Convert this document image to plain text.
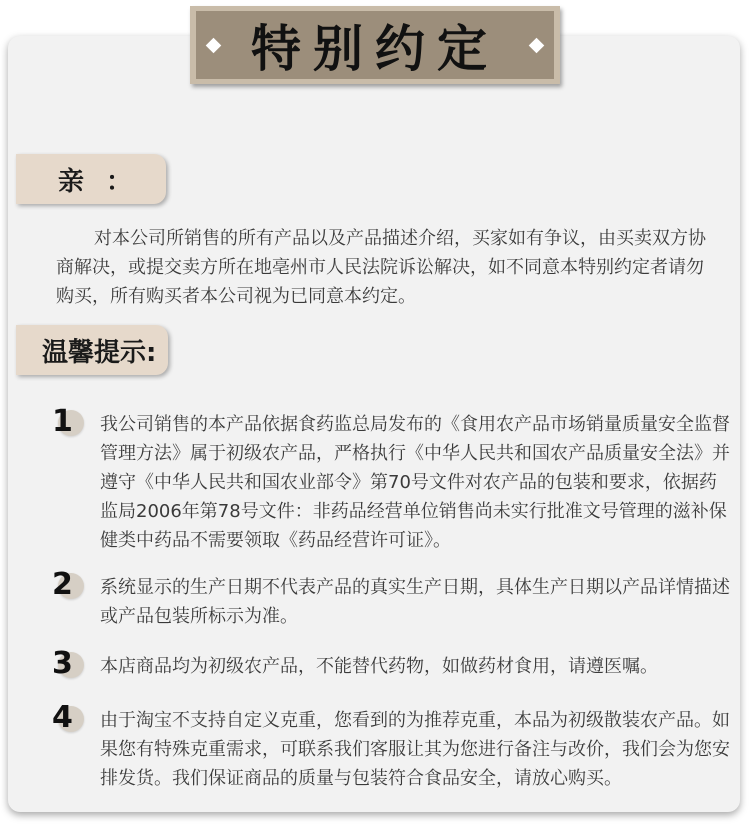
亲：

对本公司所销售的所有产品以及产品描述介绍，买家如有争议，由买卖双方协商解决，或提交卖方所在地亳州市人民法院诉讼解决，如不同意本特别约定者请勿购买，所有购买者本公司视为已同意本约定。

温馨提示:
1 我公司销售的本产品依据食药监总局发布的《食用农产品市场销量质量安全监督管理方法》属于初级农产品，严格执行《中华人民共和国农产品质量安全法》并遵守《中华人民共和国农业部令》第70号文件对农产品的包装和要求，依据药监局2006年第78号文件：非药品经营单位销售尚未实行批准文号管理的滋补保健类中药品不需要领取《药品经营许可证》。
2 系统显示的生产日期不代表产品的真实生产日期，具体生产日期以产品详情描述或产品包装所标示为准。
3 本店商品均为初级农产品，不能替代药物，如做药材食用，请遵医嘱。
4 由于淘宝不支持自定义克重，您看到的为推荐克重，本品为初级散装农产品。如果您有特殊克重需求，可联系我们客服让其为您进行备注与改价，我们会为您安排发货。我们保证商品的质量与包装符合食品安全，请放心购买。
特别约定
